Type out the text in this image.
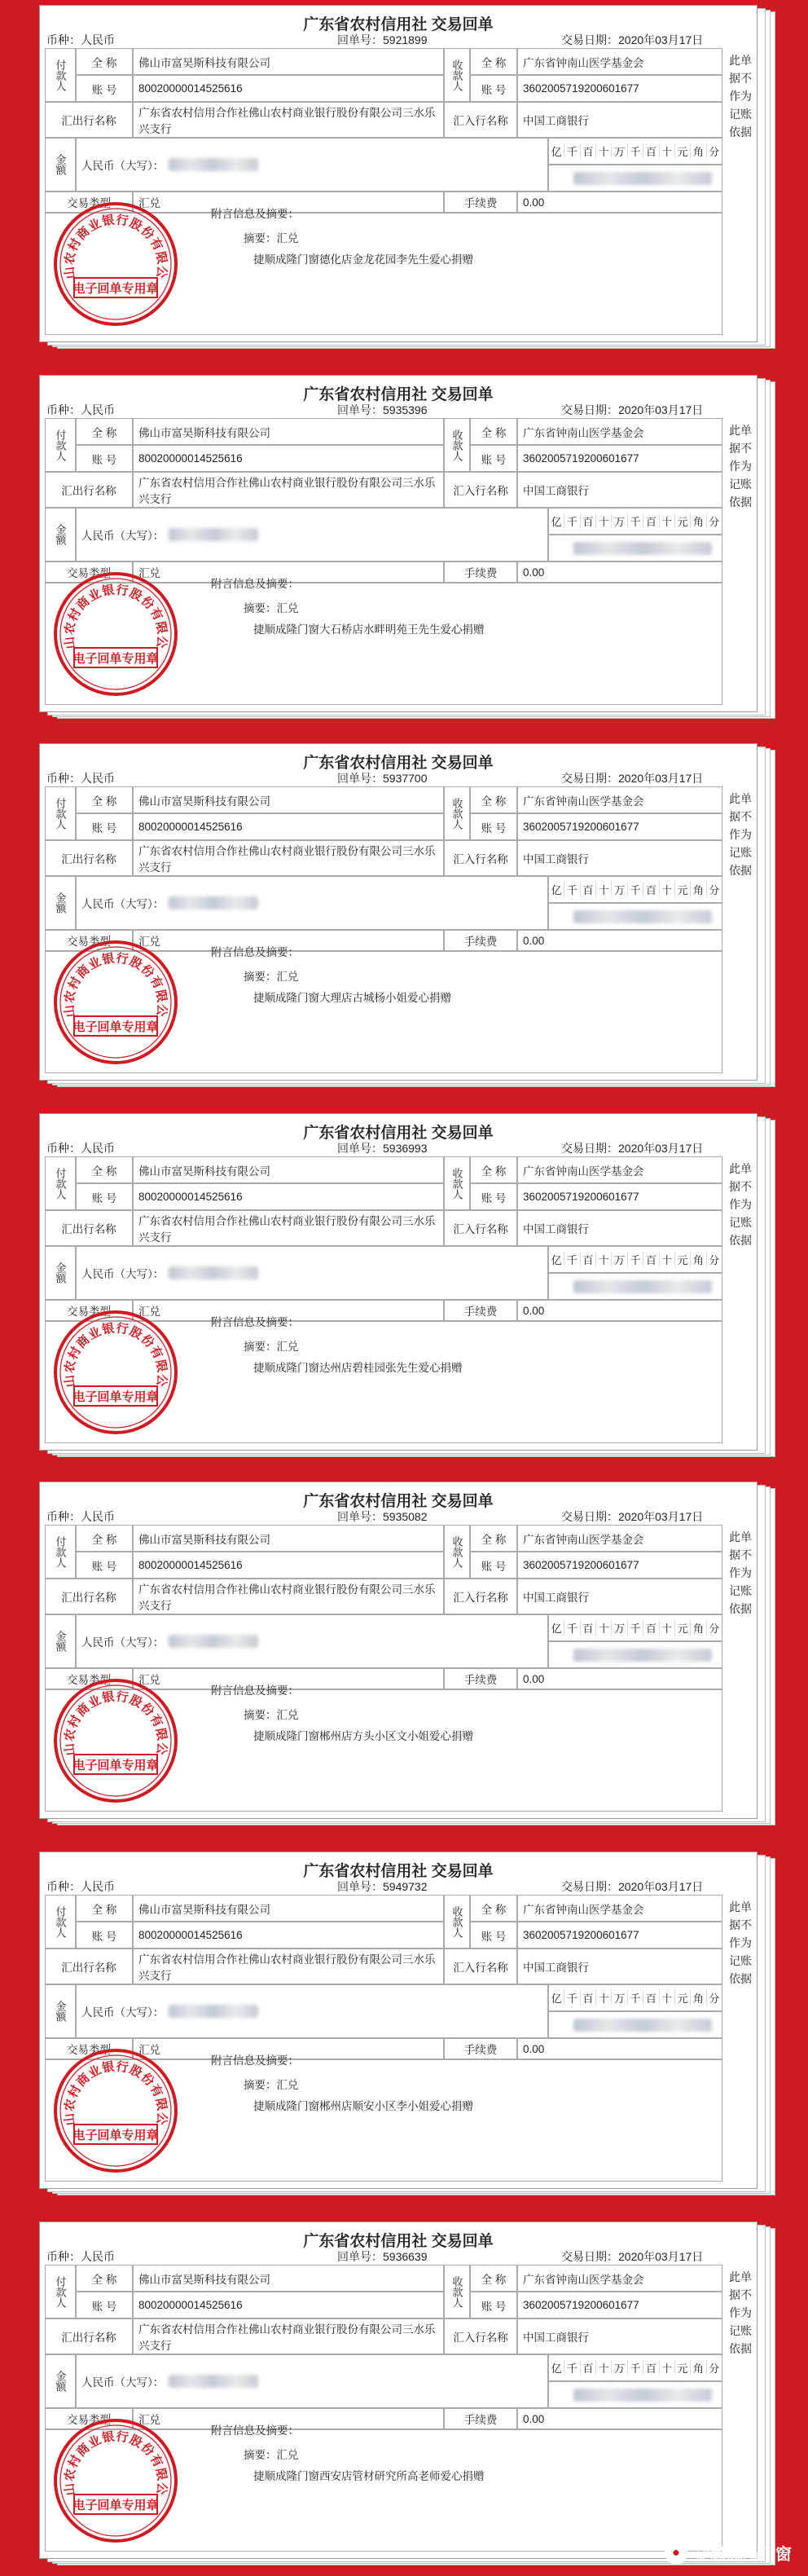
广东省农村信用社 交易回单
币种：人民币	回单号：5921899	交易日期：2020年03月17日
付款人	全 称	佛山市富昊斯科技有限公司
账 号	80020000014525616
汇出行名称
广东省农村信用合作社佛山农村商业银行股份有限公司三水乐兴支行
收款人	全 称	广东省钟南山医学基金会
账 号	3602005719200601677
汇入行名称	中国工商银行
金额	人民币（大写）：
亿 千 百 十 万 千 百 十 元 角 分
交易类型	汇兑	手续费	0.00
附言信息及摘要：
摘要：汇兑
捷顺成隆门窗德化店金龙花园李先生爱心捐赠
此单据不作为记账依据
山农村商业银行股份有限公
电子回单专用章
广东省农村信用社 交易回单
币种：人民币	回单号：5935396	交易日期：2020年03月17日
付款人	全 称	佛山市富昊斯科技有限公司
账 号	80020000014525616
汇出行名称
广东省农村信用合作社佛山农村商业银行股份有限公司三水乐兴支行
收款人	全 称	广东省钟南山医学基金会
账 号	3602005719200601677
汇入行名称	中国工商银行
金额	人民币（大写）：
亿 千 百 十 万 千 百 十 元 角 分
交易类型	汇兑	手续费	0.00
附言信息及摘要：
摘要：汇兑
捷顺成隆门窗大石桥店水畔明苑王先生爱心捐赠
此单据不作为记账依据
山农村商业银行股份有限公
电子回单专用章
广东省农村信用社 交易回单
币种：人民币	回单号：5937700	交易日期：2020年03月17日
付款人	全 称	佛山市富昊斯科技有限公司
账 号	80020000014525616
汇出行名称
广东省农村信用合作社佛山农村商业银行股份有限公司三水乐兴支行
收款人	全 称	广东省钟南山医学基金会
账 号	3602005719200601677
汇入行名称	中国工商银行
金额	人民币（大写）：
亿 千 百 十 万 千 百 十 元 角 分
交易类型	汇兑	手续费	0.00
附言信息及摘要：
摘要：汇兑
捷顺成隆门窗大理店古城杨小姐爱心捐赠
此单据不作为记账依据
山农村商业银行股份有限公
电子回单专用章
广东省农村信用社 交易回单
币种：人民币	回单号：5936993	交易日期：2020年03月17日
付款人	全 称	佛山市富昊斯科技有限公司
账 号	80020000014525616
汇出行名称
广东省农村信用合作社佛山农村商业银行股份有限公司三水乐兴支行
收款人	全 称	广东省钟南山医学基金会
账 号	3602005719200601677
汇入行名称	中国工商银行
金额	人民币（大写）：
亿 千 百 十 万 千 百 十 元 角 分
交易类型	汇兑	手续费	0.00
附言信息及摘要：
摘要：汇兑
捷顺成隆门窗达州店碧桂园张先生爱心捐赠
此单据不作为记账依据
山农村商业银行股份有限公
电子回单专用章
广东省农村信用社 交易回单
币种：人民币	回单号：5935082	交易日期：2020年03月17日
付款人	全 称	佛山市富昊斯科技有限公司
账 号	80020000014525616
汇出行名称
广东省农村信用合作社佛山农村商业银行股份有限公司三水乐兴支行
收款人	全 称	广东省钟南山医学基金会
账 号	3602005719200601677
汇入行名称	中国工商银行
金额	人民币（大写）：
亿 千 百 十 万 千 百 十 元 角 分
交易类型	汇兑	手续费	0.00
附言信息及摘要：
摘要：汇兑
捷顺成隆门窗郴州店方头小区文小姐爱心捐赠
此单据不作为记账依据
山农村商业银行股份有限公
电子回单专用章
广东省农村信用社 交易回单
币种：人民币	回单号：5949732	交易日期：2020年03月17日
付款人	全 称	佛山市富昊斯科技有限公司
账 号	80020000014525616
汇出行名称
广东省农村信用合作社佛山农村商业银行股份有限公司三水乐兴支行
收款人	全 称	广东省钟南山医学基金会
账 号	3602005719200601677
汇入行名称	中国工商银行
金额	人民币（大写）：
亿 千 百 十 万 千 百 十 元 角 分
交易类型	汇兑	手续费	0.00
附言信息及摘要：
摘要：汇兑
捷顺成隆门窗郴州店顺安小区李小姐爱心捐赠
此单据不作为记账依据
山农村商业银行股份有限公
电子回单专用章
广东省农村信用社 交易回单
币种：人民币	回单号：5936639	交易日期：2020年03月17日
付款人	全 称	佛山市富昊斯科技有限公司
账 号	80020000014525616
汇出行名称
广东省农村信用合作社佛山农村商业银行股份有限公司三水乐兴支行
收款人	全 称	广东省钟南山医学基金会
账 号	3602005719200601677
汇入行名称	中国工商银行
金额	人民币（大写）：
亿 千 百 十 万 千 百 十 元 角 分
交易类型	汇兑	手续费	0.00
附言信息及摘要：
摘要：汇兑
捷顺成隆门窗西安店管材研究所高老师爱心捐赠
此单据不作为记账依据
山农村商业银行股份有限公
电子回单专用章
● 捷顺成隆门窗
